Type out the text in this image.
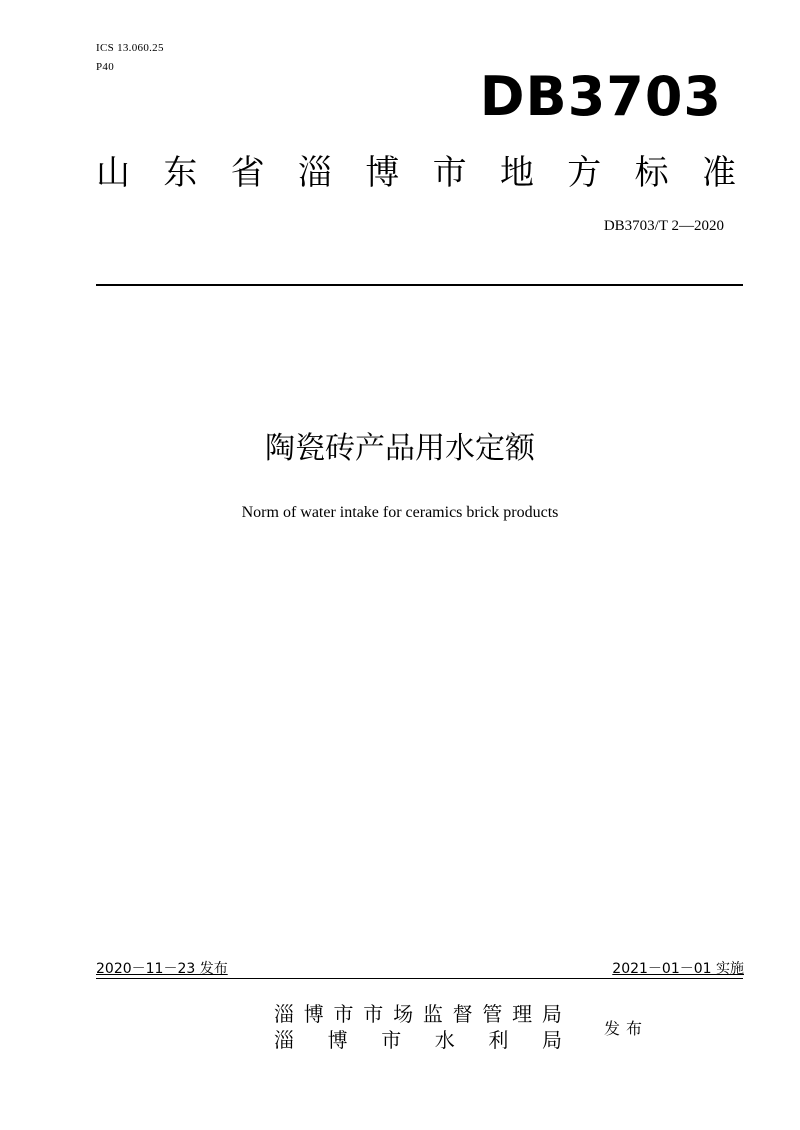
ICS 13.060.25
P40	DB3703
山 东 省 淄 博 市 地 方 标 准
DB3703/T 2—2020
陶瓷砖产品用水定额
Norm of water intake for ceramics brick products
2020－11－23 发布	2021－01－01 实施
淄 博 市 市 场 监 督 管 理 局
淄 博 市 水 利 局	发布
